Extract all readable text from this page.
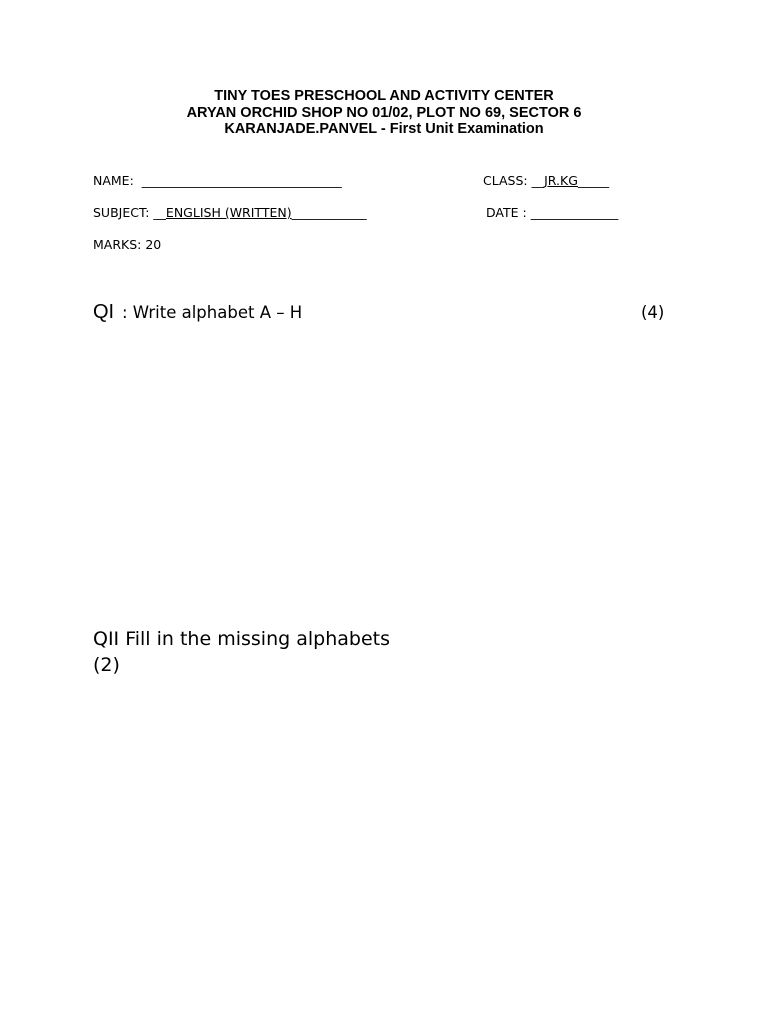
TINY TOES PRESCHOOL AND ACTIVITY CENTER
ARYAN ORCHID SHOP NO 01/02, PLOT NO 69, SECTOR 6
KARANJADE.PANVEL - First Unit Examination
NAME:  ________________________________	CLASS: __JR.KG_____
SUBJECT: __ENGLISH (WRITTEN)____________	DATE : ______________
MARKS: 20
QI : Write alphabet A – H	(4)
QII Fill in the missing alphabets
(2)
